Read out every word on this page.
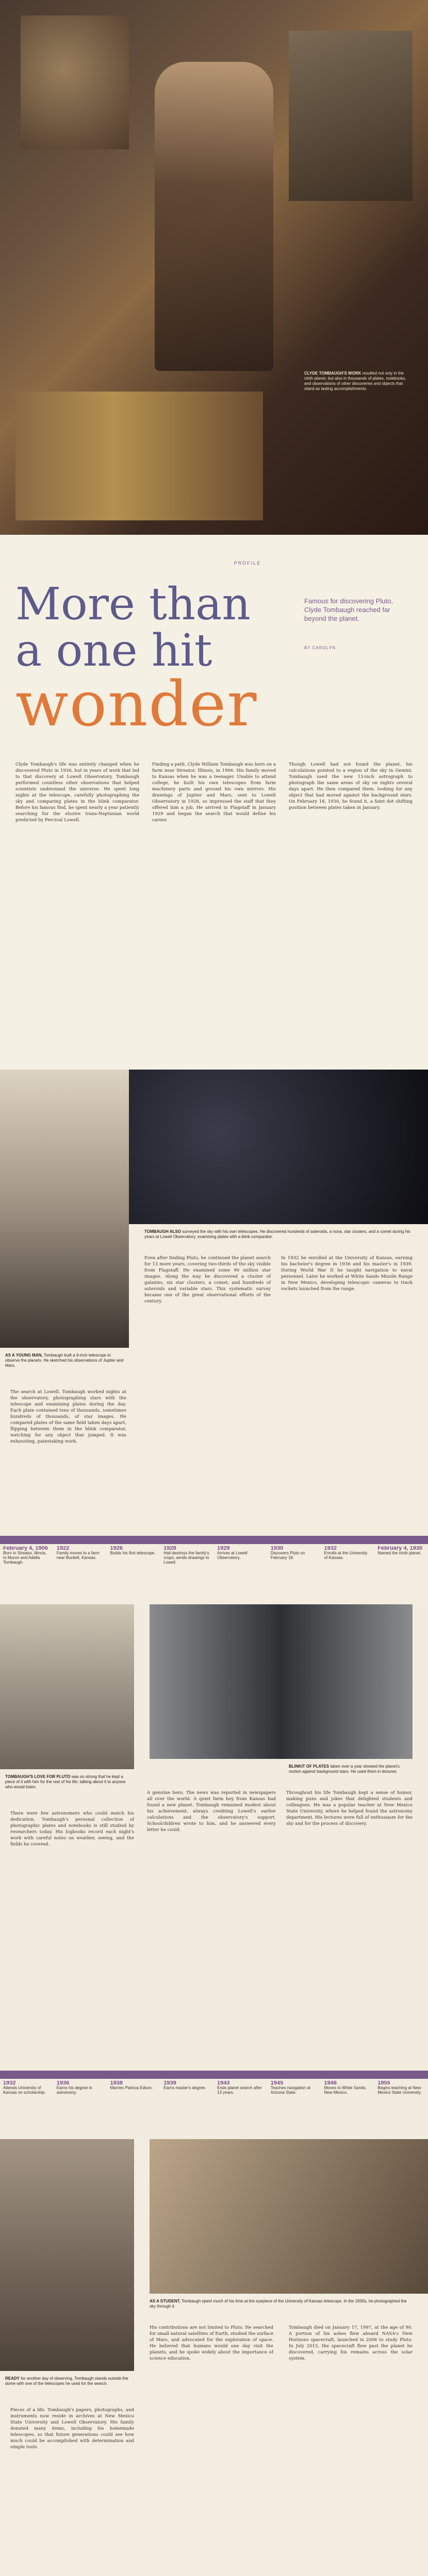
CLYDE TOMBAUGH'S WORK resulted not only in the ninth planet, but also in thousands of plates, notebooks, and observations of other discoveries and objects that stand as lasting accomplishments.
PROFILE
More than
a one hit
wonder
Famous for discovering Pluto, Clyde Tombaugh reached far beyond the planet.
BY CAROLYN
Clyde Tombaugh's life was entirely changed when he discovered Pluto in 1930, but in years of work that led to that discovery at Lowell Observatory, Tombaugh performed countless other observations that helped scientists understand the universe. He spent long nights at the telescope, carefully photographing the sky and comparing plates in the blink comparator. Before his famous find, he spent nearly a year patiently searching for the elusive trans-Neptunian world predicted by Percival Lowell.
Finding a path. Clyde William Tombaugh was born on a farm near Streator, Illinois, in 1906. His family moved to Kansas when he was a teenager. Unable to attend college, he built his own telescopes from farm machinery parts and ground his own mirrors. His drawings of Jupiter and Mars, sent to Lowell Observatory in 1928, so impressed the staff that they offered him a job. He arrived in Flagstaff in January 1929 and began the search that would define his career.
Though Lowell had not found the planet, his calculations pointed to a region of the sky in Gemini. Tombaugh used the new 13-inch astrograph to photograph the same areas of sky on nights several days apart. He then compared them, looking for any object that had moved against the background stars. On February 18, 1930, he found it, a faint dot shifting position between plates taken in January.
AS A YOUNG MAN, Tombaugh built a 9-inch telescope to observe the planets. He sketched his observations of Jupiter and Mars.
TOMBAUGH ALSO surveyed the sky with his own telescopes. He discovered hundreds of asteroids, a nova, star clusters, and a comet during his years at Lowell Observatory, examining plates with a blink comparator.
The search at Lowell. Tombaugh worked nights at the observatory, photographing stars with the telescope and examining plates during the day. Each plate contained tens of thousands, sometimes hundreds of thousands, of star images. He compared plates of the same field taken days apart, flipping between them in the blink comparator, watching for any object that jumped. It was exhausting, painstaking work.
Even after finding Pluto, he continued the planet search for 13 more years, covering two-thirds of the sky visible from Flagstaff. He examined some 90 million star images. Along the way he discovered a cluster of galaxies, six star clusters, a comet, and hundreds of asteroids and variable stars. This systematic survey became one of the great observational efforts of the century.
In 1932 he enrolled at the University of Kansas, earning his bachelor's degree in 1936 and his master's in 1939. During World War II he taught navigation to naval personnel. Later he worked at White Sands Missile Range in New Mexico, developing telescopic cameras to track rockets launched from the range.
February 4, 1906
Born in Streator, Illinois, to Muron and Adella Tombaugh.
1922
Family moves to a farm near Burdett, Kansas.
1926
Builds his first telescope.
1928
Hail destroys the family's crops; sends drawings to Lowell.
1929
Arrives at Lowell Observatory.
1930
Discovers Pluto on February 18.
1932
Enrolls at the University of Kansas.
February 4, 1930
Named the ninth planet.
TOMBAUGH'S LOVE FOR PLUTO was so strong that he kept a piece of it with him for the rest of his life, talking about it to anyone who would listen.
BLINKIT OF PLATES taken over a year showed the planet's motion against background stars. He used them in lectures.
There were few astronomers who could match his dedication. Tombaugh's personal collection of photographic plates and notebooks is still studied by researchers today. His logbooks record each night's work with careful notes on weather, seeing, and the fields he covered.
A genuine hero. The news was reported in newspapers all over the world. A quiet farm boy from Kansas had found a new planet. Tombaugh remained modest about his achievement, always crediting Lowell's earlier calculations and the observatory's support. Schoolchildren wrote to him, and he answered every letter he could.
Throughout his life Tombaugh kept a sense of humor, making puns and jokes that delighted students and colleagues. He was a popular teacher at New Mexico State University, where he helped found the astronomy department. His lectures were full of enthusiasm for the sky and for the process of discovery.
1932
Attends University of Kansas on scholarship.
1936
Earns his degree in astronomy.
1938
Marries Patricia Edson.
1939
Earns master's degree.
1943
Ends planet search after 13 years.
1945
Teaches navigation at Arizona State.
1946
Moves to White Sands, New Mexico.
1955
Begins teaching at New Mexico State University.
READY for another day of observing, Tombaugh stands outside the dome with one of the telescopes he used for the search.
AS A STUDENT, Tombaugh spent much of his time at the eyepiece of the University of Kansas telescope. In the 1930s, he photographed the sky through it.
Pieces of a life. Tombaugh's papers, photographs, and instruments now reside in archives at New Mexico State University and Lowell Observatory. His family donated many items, including his homemade telescopes, so that future generations could see how much could be accomplished with determination and simple tools.
His contributions are not limited to Pluto. He searched for small natural satellites of Earth, studied the surface of Mars, and advocated for the exploration of space. He believed that humans would one day visit the planets, and he spoke widely about the importance of science education.
Tombaugh died on January 17, 1997, at the age of 90. A portion of his ashes flew aboard NASA's New Horizons spacecraft, launched in 2006 to study Pluto. In July 2015, the spacecraft flew past the planet he discovered, carrying his remains across the solar system.
